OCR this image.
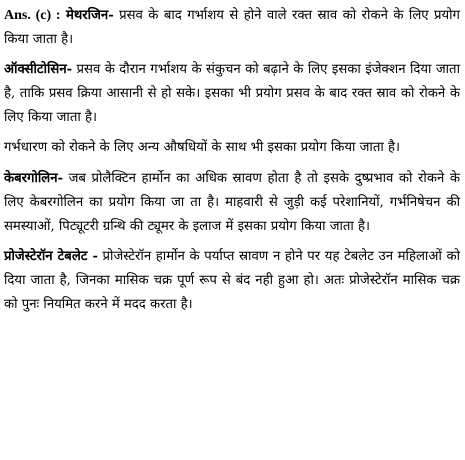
Ans. (c) : मेथरजिन- प्रसव के बाद गर्भाशय से होने वाले रक्त स्राव को रोकने के लिए प्रयोग किया जाता है।

ऑक्सीटोसिन- प्रसव के दौरान गर्भाशय के संकुचन को बढ़ाने के लिए इसका इंजेक्शन दिया जाता है, ताकि प्रसव क्रिया आसानी से हो सके। इसका भी प्रयोग प्रसव के बाद रक्त स्राव को रोकने के लिए किया जाता है।

गर्भधारण को रोकने के लिए अन्य औषधियों के साथ भी इसका प्रयोग किया जाता है।

केबरगोलिन- जब प्रोलैक्टिन हार्मोन का अधिक स्रावण होता है तो इसके दुष्प्रभाव को रोकने के लिए केबरगोलिन का प्रयोग किया जा ता है। माहवारी से जुड़ी कई परेशानियों, गर्भनिषेचन की समस्याओं, पिट्यूटरी ग्रन्थि की ट्यूमर के इलाज में इसका प्रयोग किया जाता है।

प्रोजेस्टेरॉन टेबलेट - प्रोजेस्टेरॉन हार्मोन के पर्याप्त स्रावण न होने पर यह टेबलेट उन महिलाओं को दिया जाता है, जिनका मासिक चक्र पूर्ण रूप से बंद नही हुआ हो। अतः प्रोजेस्टेरॉन मासिक चक्र को पुनः नियमित करने में मदद करता है।
